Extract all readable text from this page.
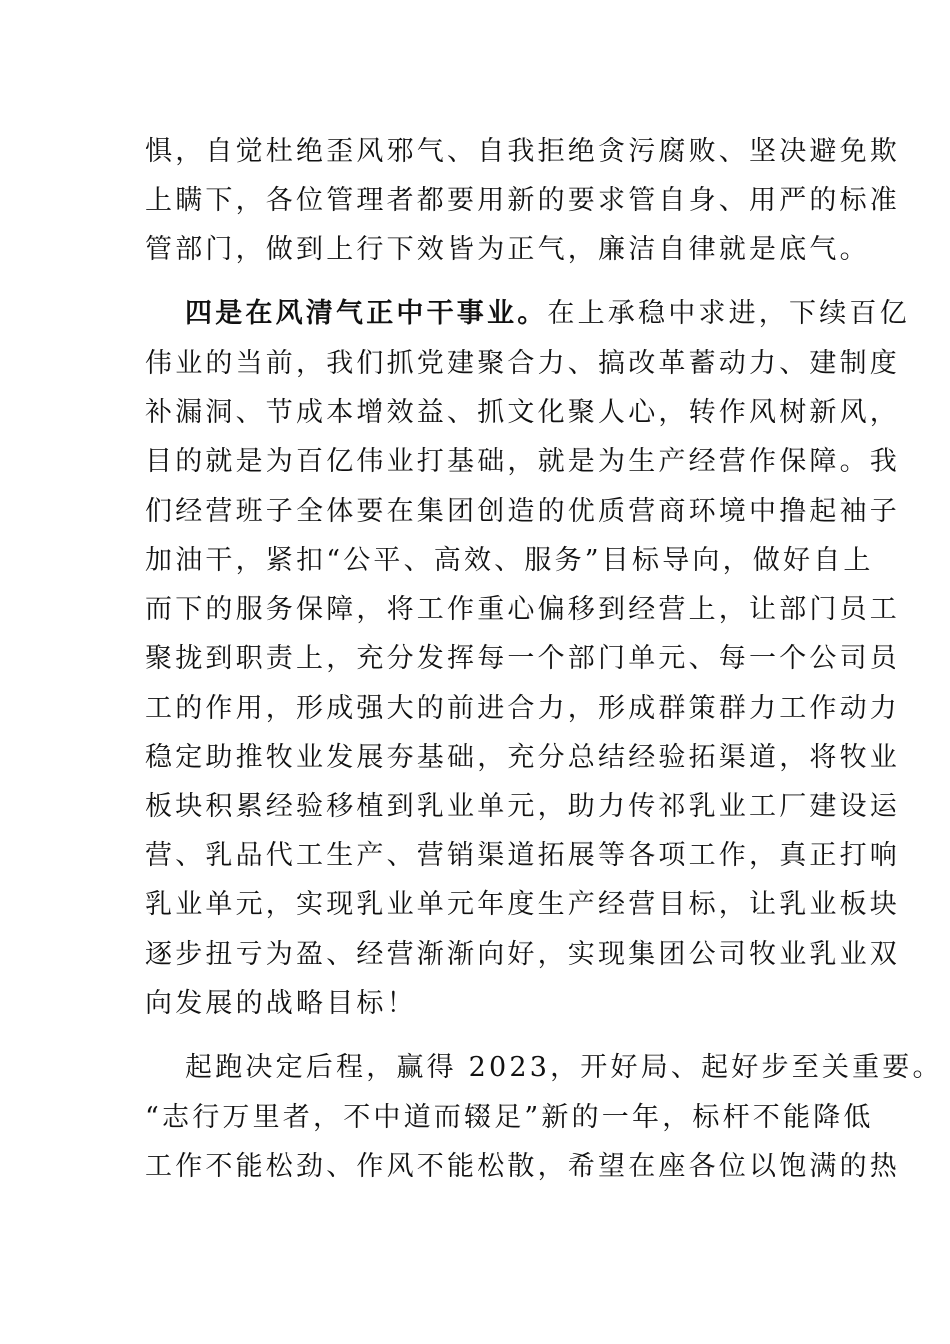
惧，自觉杜绝歪风邪气、自我拒绝贪污腐败、坚决避免欺
上瞒下，各位管理者都要用新的要求管自身、用严的标准
管部门，做到上行下效皆为正气，廉洁自律就是底气。
四是在风清气正中干事业。在上承稳中求进，下续百亿
伟业的当前，我们抓党建聚合力、搞改革蓄动力、建制度
补漏洞、节成本增效益、抓文化聚人心，转作风树新风，
目的就是为百亿伟业打基础，就是为生产经营作保障。我
们经营班子全体要在集团创造的优质营商环境中撸起袖子
加油干，紧扣“公平、高效、服务”目标导向，做好自上
而下的服务保障，将工作重心偏移到经营上，让部门员工
聚拢到职责上，充分发挥每一个部门单元、每一个公司员
工的作用，形成强大的前进合力，形成群策群力工作动力
稳定助推牧业发展夯基础，充分总结经验拓渠道，将牧业
板块积累经验移植到乳业单元，助力传祁乳业工厂建设运
营、乳品代工生产、营销渠道拓展等各项工作，真正打响
乳业单元，实现乳业单元年度生产经营目标，让乳业板块
逐步扭亏为盈、经营渐渐向好，实现集团公司牧业乳业双
向发展的战略目标！
起跑决定后程，赢得 2023，开好局、起好步至关重要。
“志行万里者，不中道而辍足”新的一年，标杆不能降低
工作不能松劲、作风不能松散，希望在座各位以饱满的热
